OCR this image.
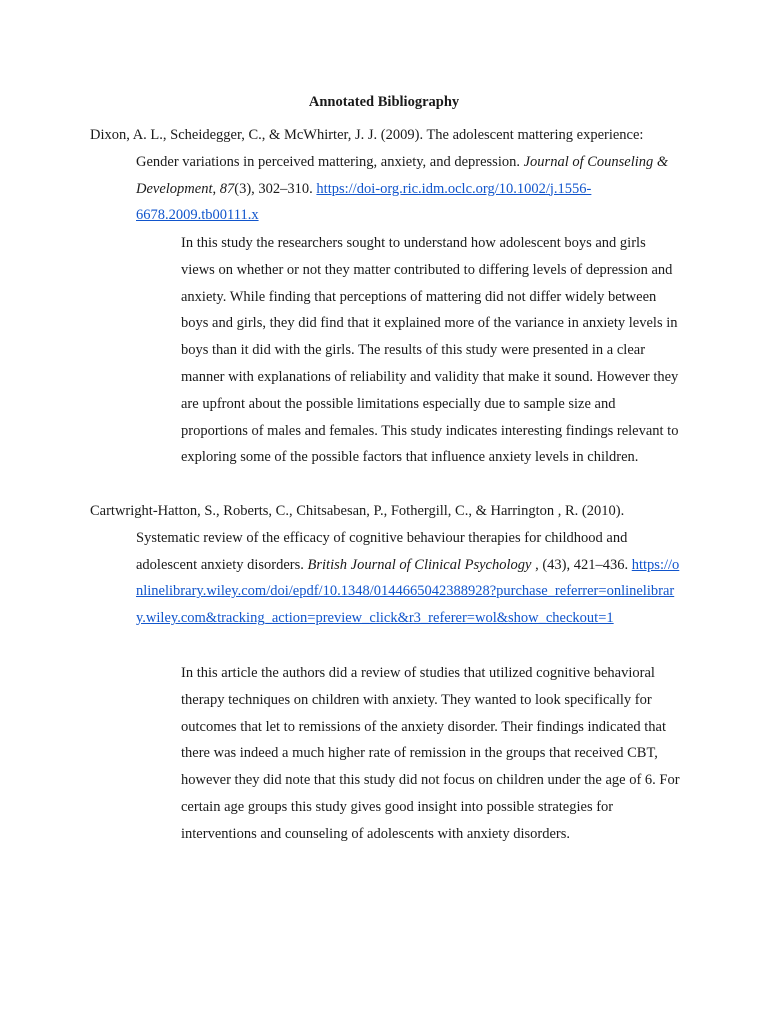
Annotated Bibliography
Dixon, A. L., Scheidegger, C., & McWhirter, J. J. (2009). The adolescent mattering experience: Gender variations in perceived mattering, anxiety, and depression. Journal of Counseling & Development, 87(3), 302–310. https://doi-org.ric.idm.oclc.org/10.1002/j.1556-6678.2009.tb00111.x
In this study the researchers sought to understand how adolescent boys and girls views on whether or not they matter contributed to differing levels of depression and anxiety. While finding that perceptions of mattering did not differ widely between boys and girls, they did find that it explained more of the variance in anxiety levels in boys than it did with the girls. The results of this study were presented in a clear manner with explanations of reliability and validity that make it sound. However they are upfront about the possible limitations especially due to sample size and proportions of males and females. This study indicates interesting findings relevant to exploring some of the possible factors that influence anxiety levels in children.
Cartwright-Hatton, S., Roberts, C., Chitsabesan, P., Fothergill, C., & Harrington , R. (2010). Systematic review of the efficacy of cognitive behaviour therapies for childhood and adolescent anxiety disorders. British Journal of Clinical Psychology , (43), 421–436. https://onlinelibrary.wiley.com/doi/epdf/10.1348/0144665042388928?purchase_referrer=onlinelibrary.wiley.com&tracking_action=preview_click&r3_referer=wol&show_checkout=1
In this article the authors did a review of studies that utilized cognitive behavioral therapy techniques on children with anxiety. They wanted to look specifically for outcomes that let to remissions of the anxiety disorder. Their findings indicated that there was indeed a much higher rate of remission in the groups that received CBT, however they did note that this study did not focus on children under the age of 6. For certain age groups this study gives good insight into possible strategies for interventions and counseling of adolescents with anxiety disorders.
